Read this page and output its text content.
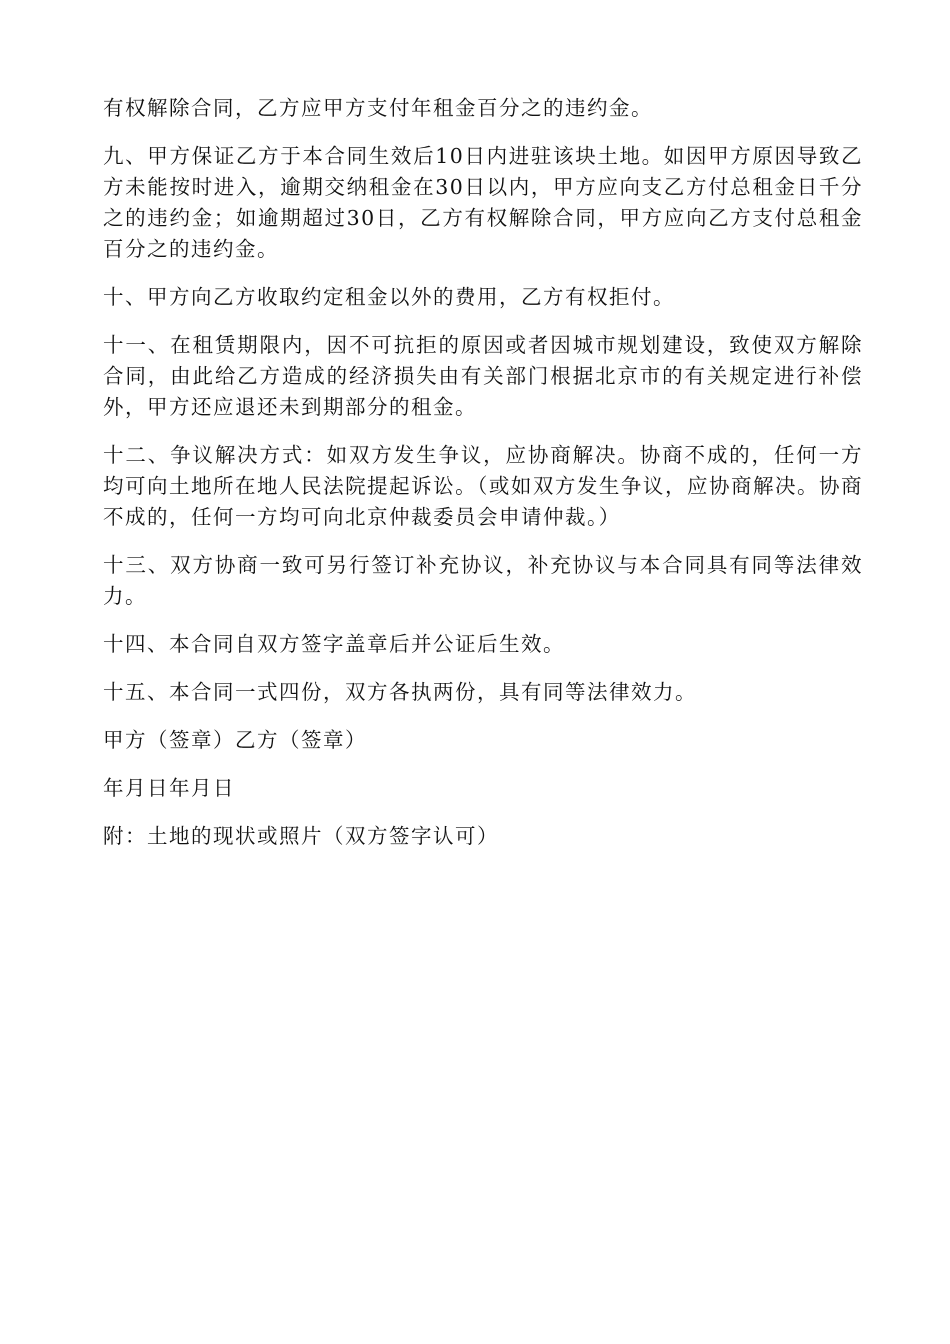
有权解除合同，乙方应甲方支付年租金百分之的违约金。

九、甲方保证乙方于本合同生效后10日内进驻该块土地。如因甲方原因导致乙方未能按时进入，逾期交纳租金在30日以内，甲方应向支乙方付总租金日千分之的违约金；如逾期超过30日，乙方有权解除合同，甲方应向乙方支付总租金百分之的违约金。

十、甲方向乙方收取约定租金以外的费用，乙方有权拒付。

十一、在租赁期限内，因不可抗拒的原因或者因城市规划建设，致使双方解除合同，由此给乙方造成的经济损失由有关部门根据北京市的有关规定进行补偿外，甲方还应退还未到期部分的租金。

十二、争议解决方式：如双方发生争议，应协商解决。协商不成的，任何一方均可向土地所在地人民法院提起诉讼。（或如双方发生争议，应协商解决。协商不成的，任何一方均可向北京仲裁委员会申请仲裁。）

十三、双方协商一致可另行签订补充协议，补充协议与本合同具有同等法律效力。

十四、本合同自双方签字盖章后并公证后生效。

十五、本合同一式四份，双方各执两份，具有同等法律效力。

甲方（签章）乙方（签章）

年月日年月日

附：土地的现状或照片（双方签字认可）
